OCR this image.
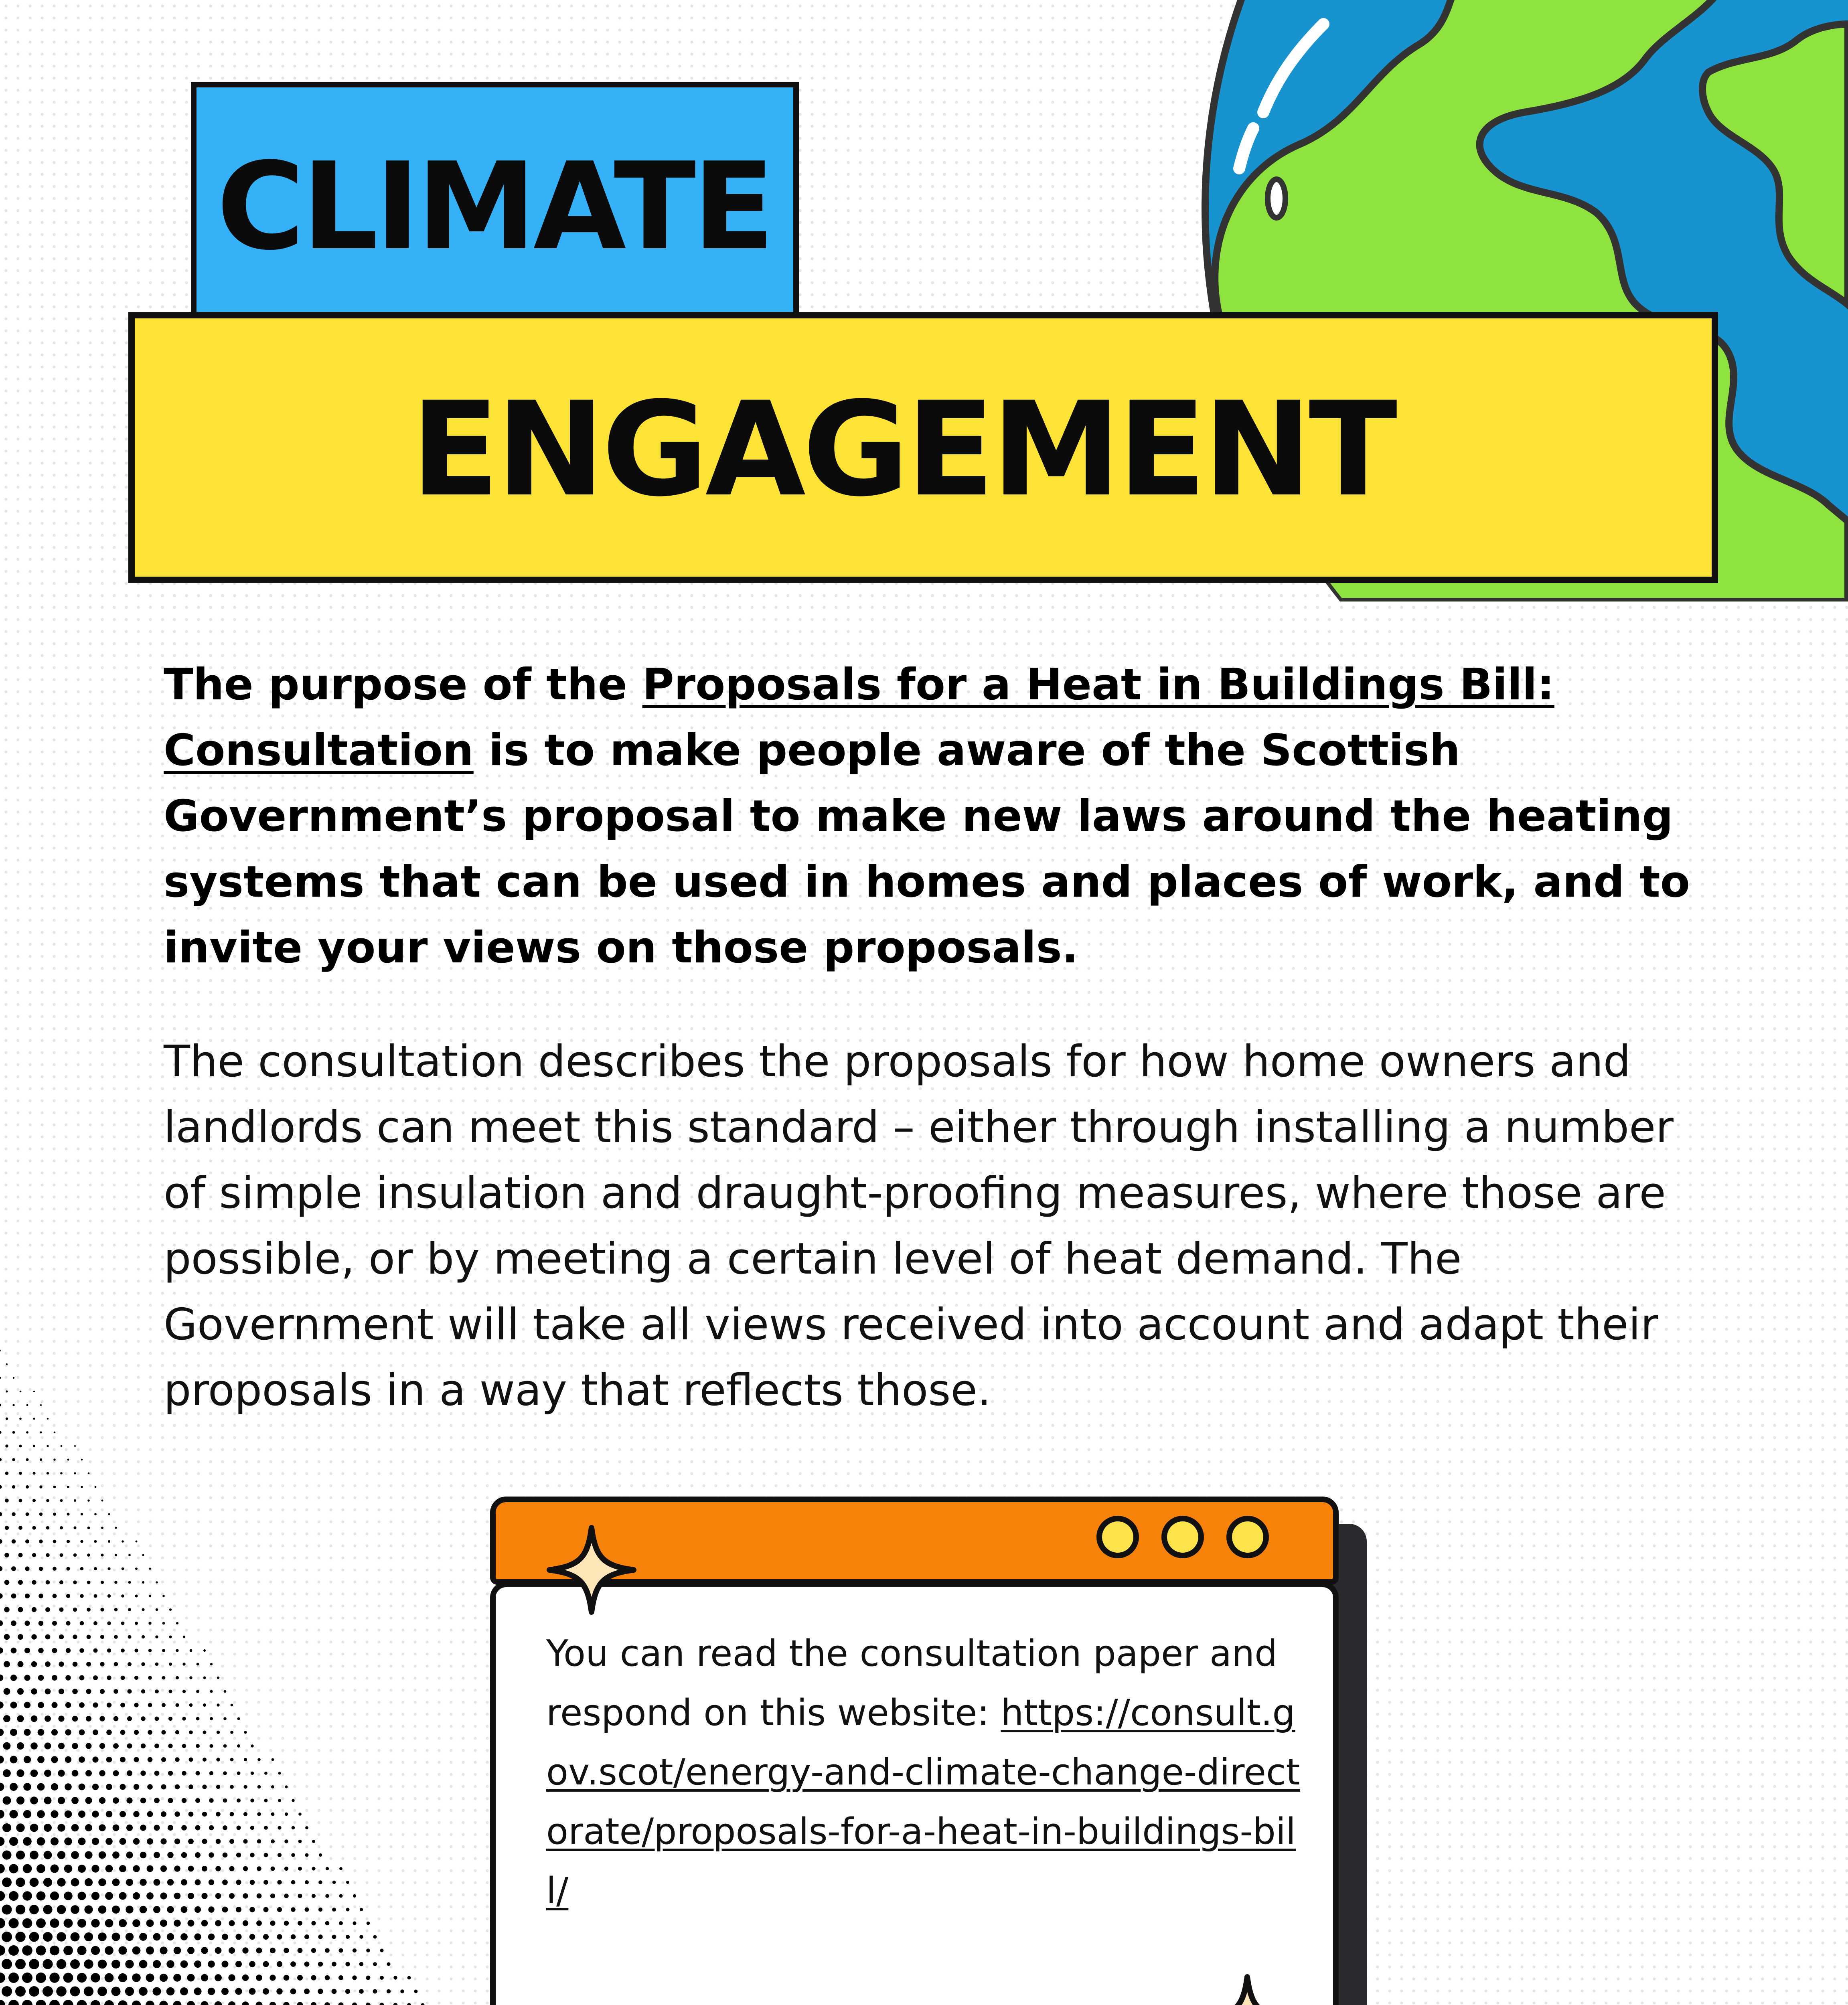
CLIMATE
ENGAGEMENT

The purpose of the Proposals for a Heat in Buildings Bill: Consultation is to make people aware of the Scottish Government’s proposal to make new laws around the heating systems that can be used in homes and places of work, and to invite your views on those proposals.

The consultation describes the proposals for how home owners and landlords can meet this standard – either through installing a number of simple insulation and draught-proofing measures, where those are possible, or by meeting a certain level of heat demand. The Government will take all views received into account and adapt their proposals in a way that reflects those.

You can read the consultation paper and respond on this website: https://consult.gov.scot/energy-and-climate-change-directorate/proposals-for-a-heat-in-buildings-bill/
